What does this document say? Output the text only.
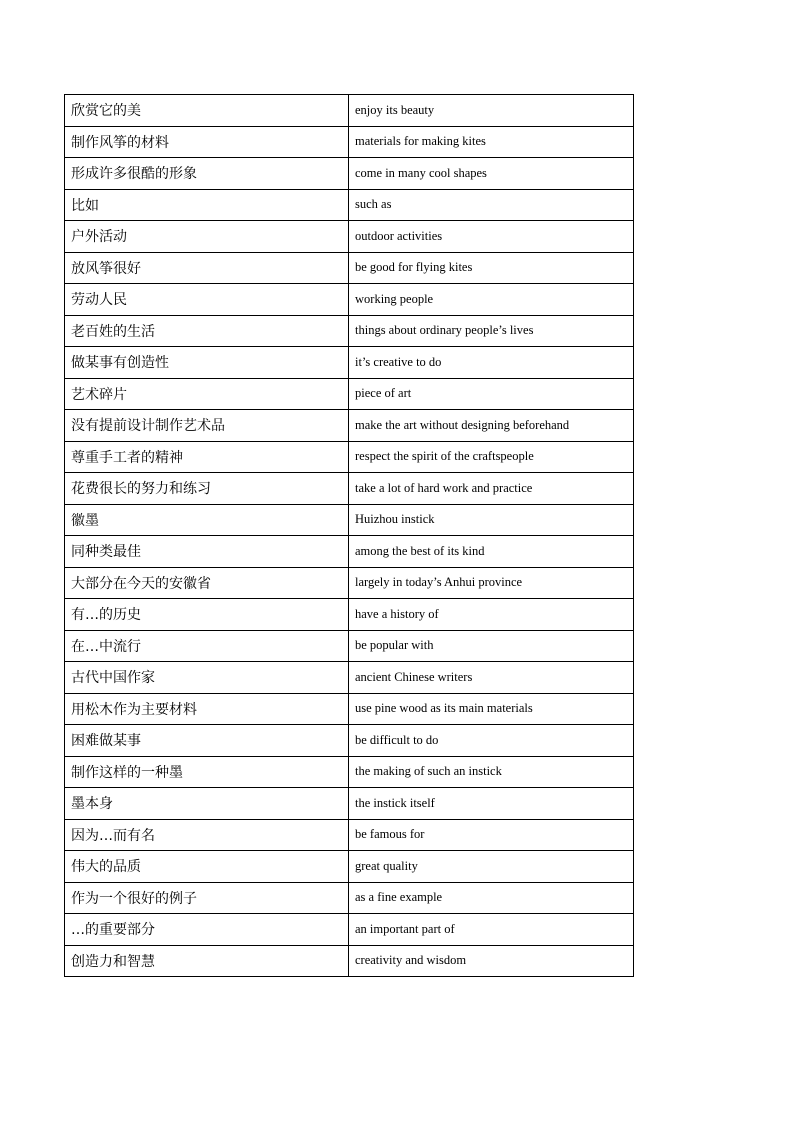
欣赏它的美	enjoy its beauty
制作风筝的材料	materials for making kites
形成许多很酷的形象	come in many cool shapes
比如	such as
户外活动	outdoor activities
放风筝很好	be good for flying kites
劳动人民	working people
老百姓的生活	things about ordinary people’s lives
做某事有创造性	it’s creative to do
艺术碎片	piece of art
没有提前设计制作艺术品	make the art without designing beforehand
尊重手工者的精神	respect the spirit of the craftspeople
花费很长的努力和练习	take a lot of hard work and practice
徽墨	Huizhou instick
同种类最佳	among the best of its kind
大部分在今天的安徽省	largely in today’s Anhui province
有…的历史	have a history of
在…中流行	be popular with
古代中国作家	ancient Chinese writers
用松木作为主要材料	use pine wood as its main materials
困难做某事	be difficult to do
制作这样的一种墨	the making of such an instick
墨本身	the instick itself
因为…而有名	be famous for
伟大的品质	great quality
作为一个很好的例子	as a fine example
…的重要部分	an important part of
创造力和智慧	creativity and wisdom
